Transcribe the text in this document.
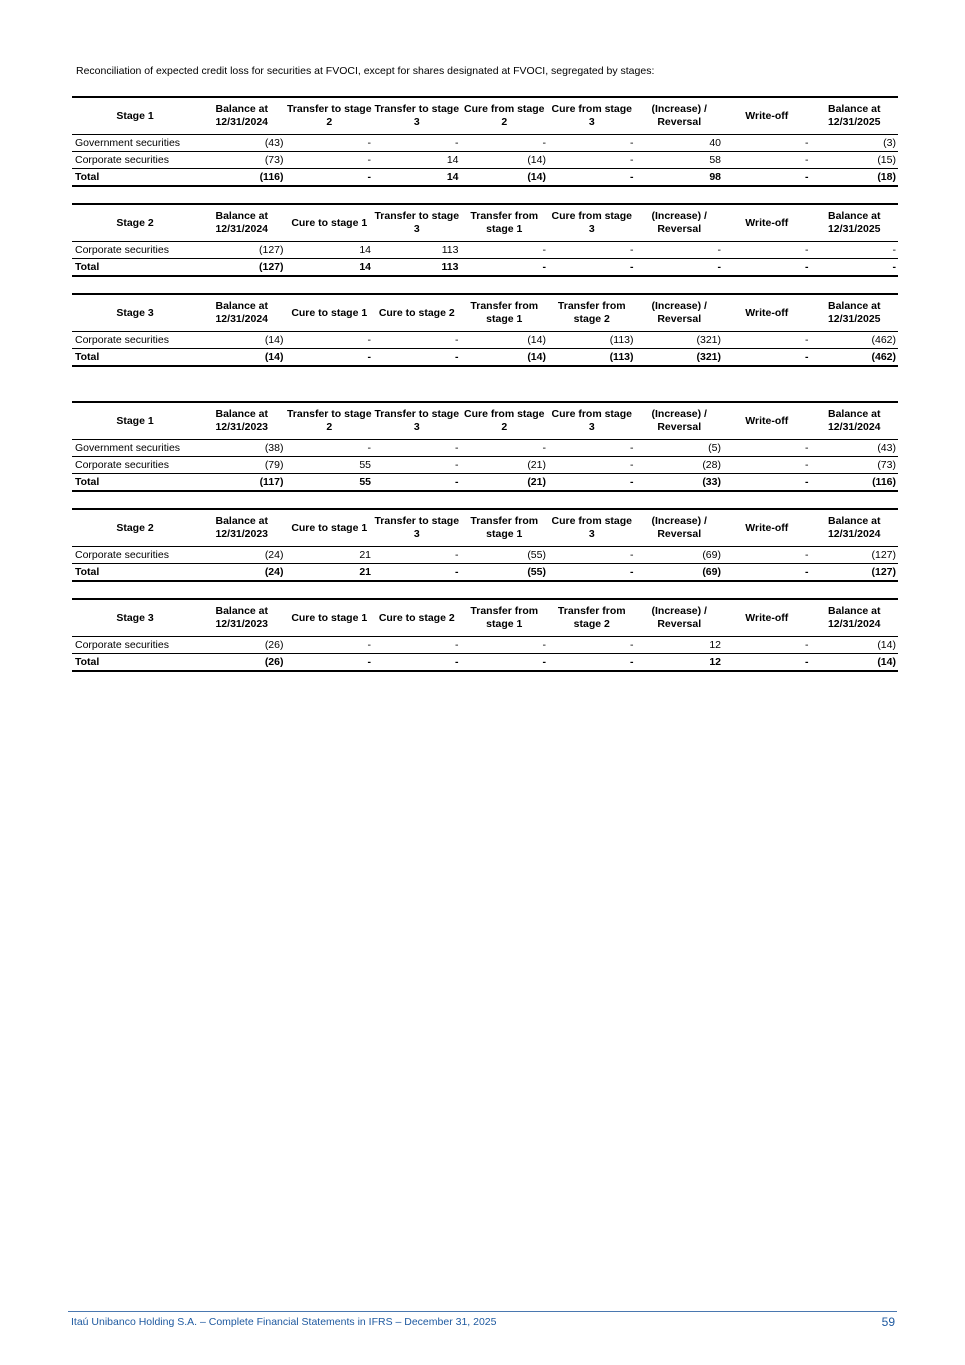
Reconciliation of expected credit loss for securities at FVOCI, except for shares designated at FVOCI, segregated by stages:
Stage 1	Balance at 12/31/2024	Transfer to stage 2	Transfer to stage 3	Cure from stage 2	Cure from stage 3	(Increase) / Reversal	Write-off	Balance at 12/31/2025
Government securities	(43)	-	-	-	-	40	-	(3)
Corporate securities	(73)	-	14	(14)	-	58	-	(15)
Total	(116)	-	14	(14)	-	98	-	(18)
Stage 2	Balance at 12/31/2024	Cure to stage 1	Transfer to stage 3	Transfer from stage 1	Cure from stage 3	(Increase) / Reversal	Write-off	Balance at 12/31/2025
Corporate securities	(127)	14	113	-	-	-	-	-
Total	(127)	14	113	-	-	-	-	-
Stage 3	Balance at 12/31/2024	Cure to stage 1	Cure to stage 2	Transfer from stage 1	Transfer from stage 2	(Increase) / Reversal	Write-off	Balance at 12/31/2025
Corporate securities	(14)	-	-	(14)	(113)	(321)	-	(462)
Total	(14)	-	-	(14)	(113)	(321)	-	(462)
Stage 1	Balance at 12/31/2023	Transfer to stage 2	Transfer to stage 3	Cure from stage 2	Cure from stage 3	(Increase) / Reversal	Write-off	Balance at 12/31/2024
Government securities	(38)	-	-	-	-	(5)	-	(43)
Corporate securities	(79)	55	-	(21)	-	(28)	-	(73)
Total	(117)	55	-	(21)	-	(33)	-	(116)
Stage 2	Balance at 12/31/2023	Cure to stage 1	Transfer to stage 3	Transfer from stage 1	Cure from stage 3	(Increase) / Reversal	Write-off	Balance at 12/31/2024
Corporate securities	(24)	21	-	(55)	-	(69)	-	(127)
Total	(24)	21	-	(55)	-	(69)	-	(127)
Stage 3	Balance at 12/31/2023	Cure to stage 1	Cure to stage 2	Transfer from stage 1	Transfer from stage 2	(Increase) / Reversal	Write-off	Balance at 12/31/2024
Corporate securities	(26)	-	-	-	-	12	-	(14)
Total	(26)	-	-	-	-	12	-	(14)
Itaú Unibanco Holding S.A. – Complete Financial Statements in IFRS – December 31, 2025	59
